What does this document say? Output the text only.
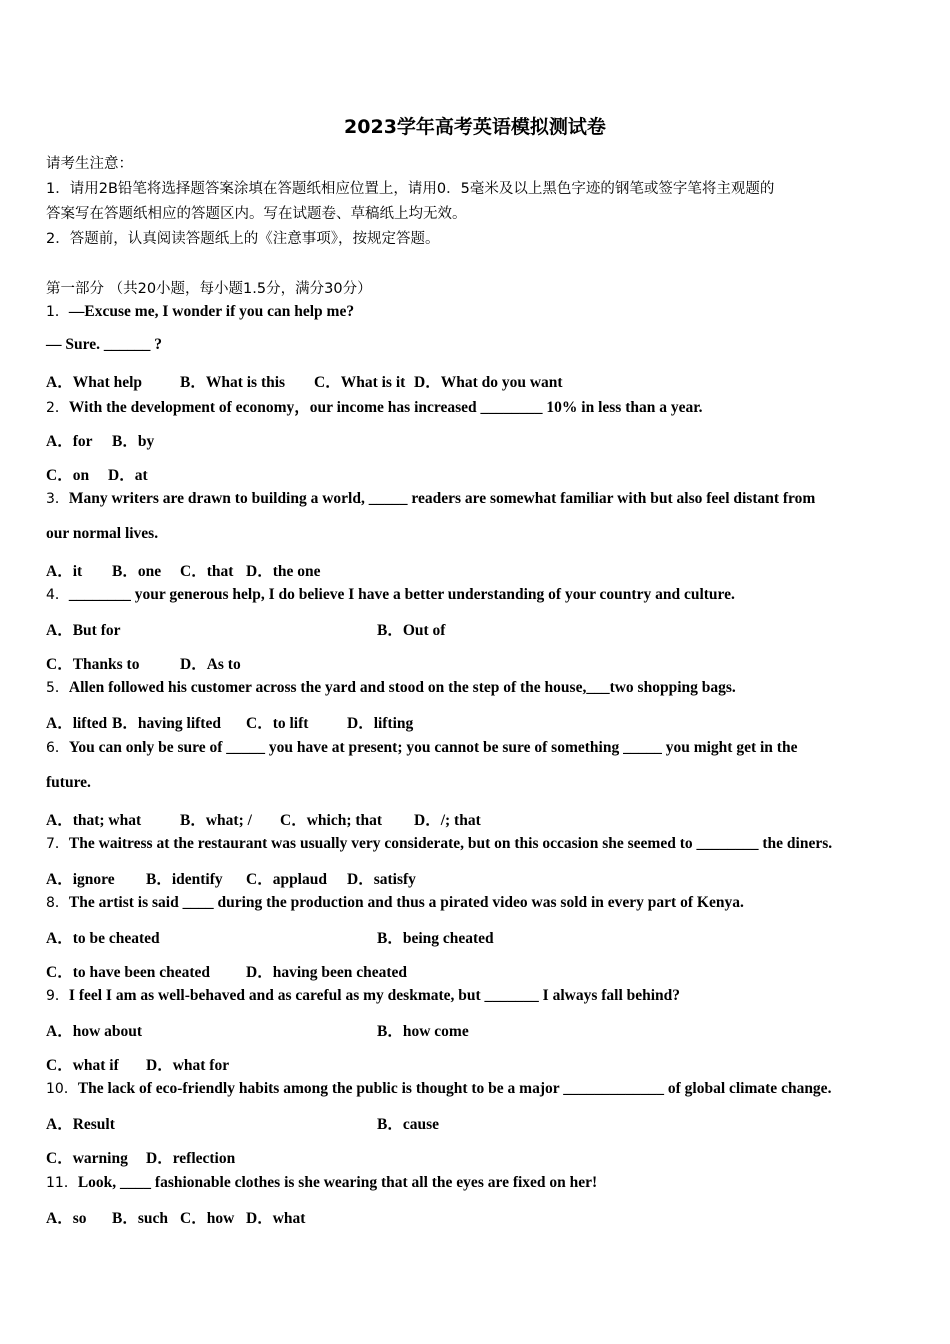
2023学年高考英语模拟测试卷
请考生注意：
1．请用2B铅笔将选择题答案涂填在答题纸相应位置上，请用0．5毫米及以上黑色字迹的钢笔或签字笔将主观题的
答案写在答题纸相应的答题区内。写在试题卷、草稿纸上均无效。
2．答题前，认真阅读答题纸上的《注意事项》，按规定答题。
第一部分 （共20小题，每小题1.5分，满分30分）
1．—Excuse me, I wonder if you can help me?
— Sure. ______ ?
A．What help B．What is this C．What is it D．What do you want
2．With the development of economy，our income has increased ________ 10% in less than a year.
A．for B．by
C．on D．at
3．Many writers are drawn to building a world, _____ readers are somewhat familiar with but also feel distant from
our normal lives.
A．it B．one C．that D．the one
4．________ your generous help, I do believe I have a better understanding of your country and culture.
A．But for	B．Out of
C．Thanks to	D．As to
5．Allen followed his customer across the yard and stood on the step of the house,___two shopping bags.
A．lifted B．having lifted C．to lift D．lifting
6．You can only be sure of _____ you have at present; you cannot be sure of something _____ you might get in the
future.
A．that; what	B．what; / C．which; that D．/; that
7．The waitress at the restaurant was usually very considerate, but on this occasion she seemed to ________ the diners.
A．ignore B．identify C．applaud D．satisfy
8．The artist is said ____ during the production and thus a pirated video was sold in every part of Kenya.
A．to be cheated	B．being cheated
C．to have been cheated D．having been cheated
9．I feel I am as well-behaved and as careful as my deskmate, but _______ I always fall behind?
A．how about	B．how come
C．what if D．what for
10．The lack of eco-friendly habits among the public is thought to be a major _____________ of global climate change.
A．Result	B．cause
C．warning D．reflection
11．Look, ____ fashionable clothes is she wearing that all the eyes are fixed on her!
A．so B．such C．how D．what
